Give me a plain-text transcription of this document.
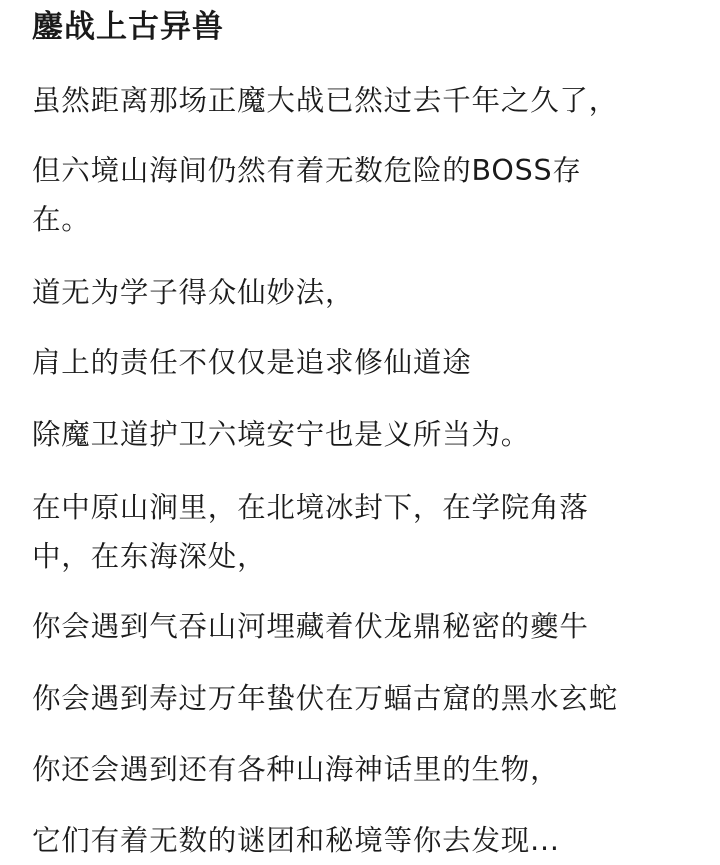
鏖战上古异兽

虽然距离那场正魔大战已然过去千年之久了，

但六境山海间仍然有着无数危险的BOSS存

在。

道无为学子得众仙妙法，

肩上的责任不仅仅是追求修仙道途

除魔卫道护卫六境安宁也是义所当为。

在中原山涧里，在北境冰封下，在学院角落

中，在东海深处，

你会遇到气吞山河埋藏着伏龙鼎秘密的夔牛

你会遇到寿过万年蛰伏在万蝠古窟的黑水玄蛇

你还会遇到还有各种山海神话里的生物，

它们有着无数的谜团和秘境等你去发现...
